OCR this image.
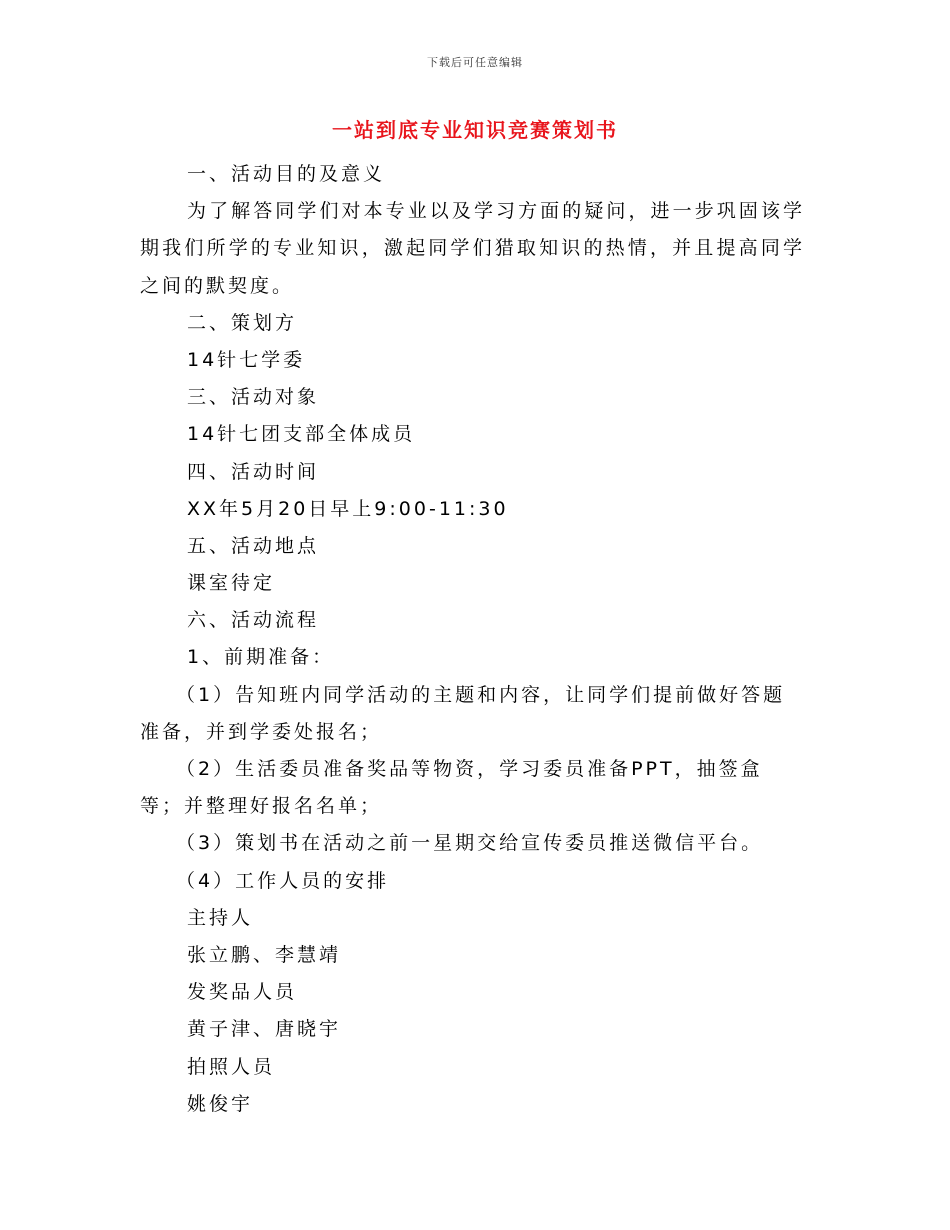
下载后可任意编辑
一站到底专业知识竞赛策划书
一、活动目的及意义
为了解答同学们对本专业以及学习方面的疑问，进一步巩固该学期我们所学的专业知识，激起同学们猎取知识的热情，并且提高同学之间的默契度。
二、策划方
14针七学委
三、活动对象
14针七团支部全体成员
四、活动时间
XX年5月20日早上9:00-11:30
五、活动地点
课室待定
六、活动流程
1、前期准备：
（1）告知班内同学活动的主题和内容，让同学们提前做好答题准备，并到学委处报名；
（2）生活委员准备奖品等物资，学习委员准备PPT，抽签盒等；并整理好报名名单；
（3）策划书在活动之前一星期交给宣传委员推送微信平台。
（4）工作人员的安排
主持人
张立鹏、李慧靖
发奖品人员
黄子津、唐晓宇
拍照人员
姚俊宇
